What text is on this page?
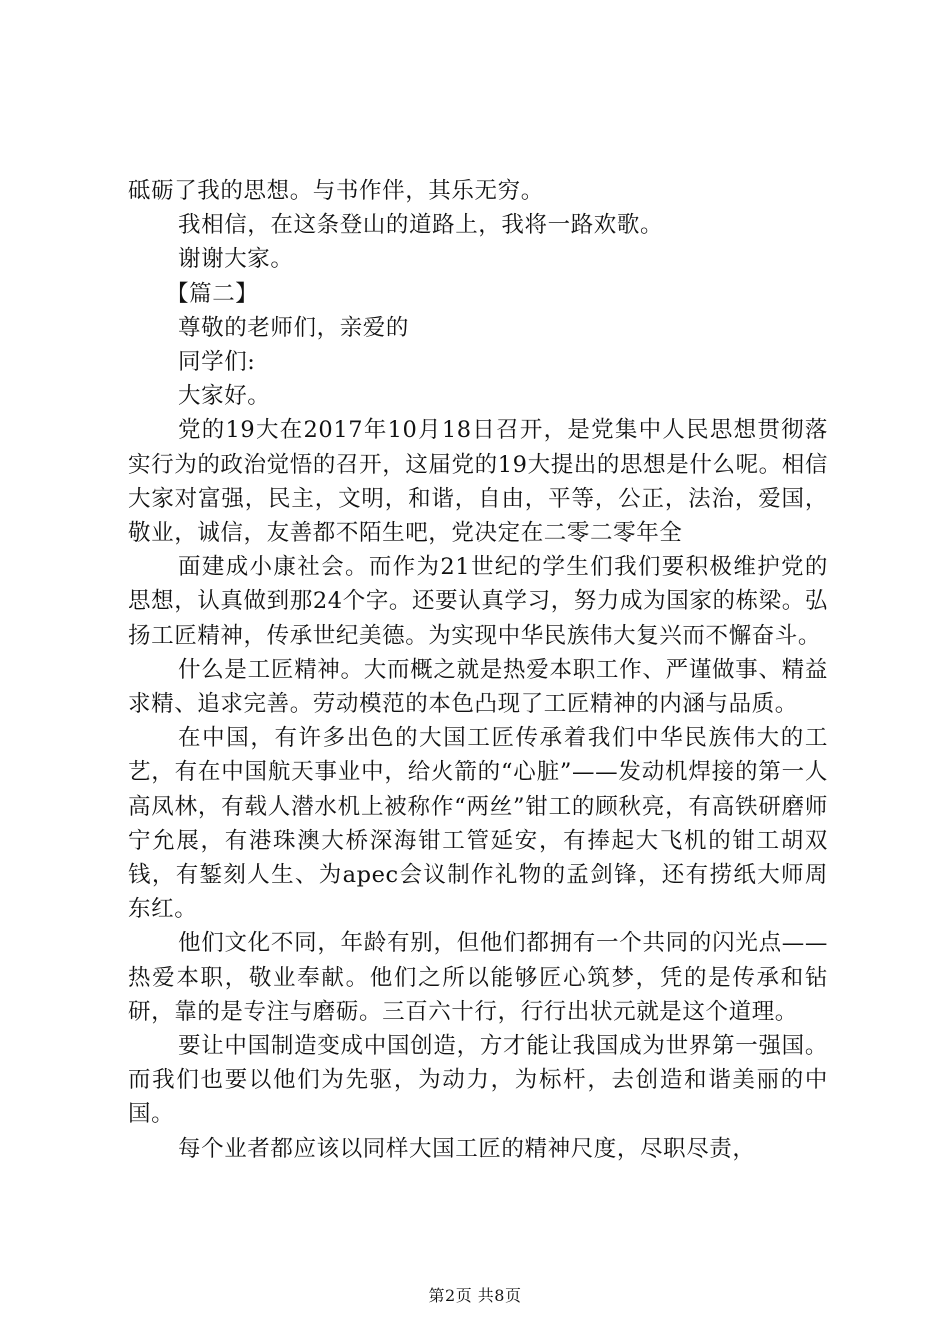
砥砺了我的思想。与书作伴，其乐无穷。

我相信，在这条登山的道路上，我将一路欢歌。

谢谢大家。

【篇二】

尊敬的老师们，亲爱的

同学们:

大家好。

党的19大在2017年10月18日召开，是党集中人民思想贯彻落实行为的政治觉悟的召开，这届党的19大提出的思想是什么呢。相信大家对富强，民主，文明，和谐，自由，平等，公正，法治，爱国，敬业，诚信，友善都不陌生吧，党决定在二零二零年全

面建成小康社会。而作为21世纪的学生们我们要积极维护党的思想，认真做到那24个字。还要认真学习，努力成为国家的栋梁。弘扬工匠精神，传承世纪美德。为实现中华民族伟大复兴而不懈奋斗。

什么是工匠精神。大而概之就是热爱本职工作、严谨做事、精益求精、追求完善。劳动模范的本色凸现了工匠精神的内涵与品质。

在中国，有许多出色的大国工匠传承着我们中华民族伟大的工艺，有在中国航天事业中，给火箭的“心脏”——发动机焊接的第一人高凤林，有载人潜水机上被称作“两丝”钳工的顾秋亮，有高铁研磨师宁允展，有港珠澳大桥深海钳工管延安，有捧起大飞机的钳工胡双钱，有錾刻人生、为apec会议制作礼物的孟剑锋，还有捞纸大师周东红。

他们文化不同，年龄有别，但他们都拥有一个共同的闪光点——热爱本职，敬业奉献。他们之所以能够匠心筑梦，凭的是传承和钻研，靠的是专注与磨砺。三百六十行，行行出状元就是这个道理。

要让中国制造变成中国创造，方才能让我国成为世界第一强国。而我们也要以他们为先驱，为动力，为标杆，去创造和谐美丽的中国。

每个业者都应该以同样大国工匠的精神尺度，尽职尽责，

第2页 共8页
